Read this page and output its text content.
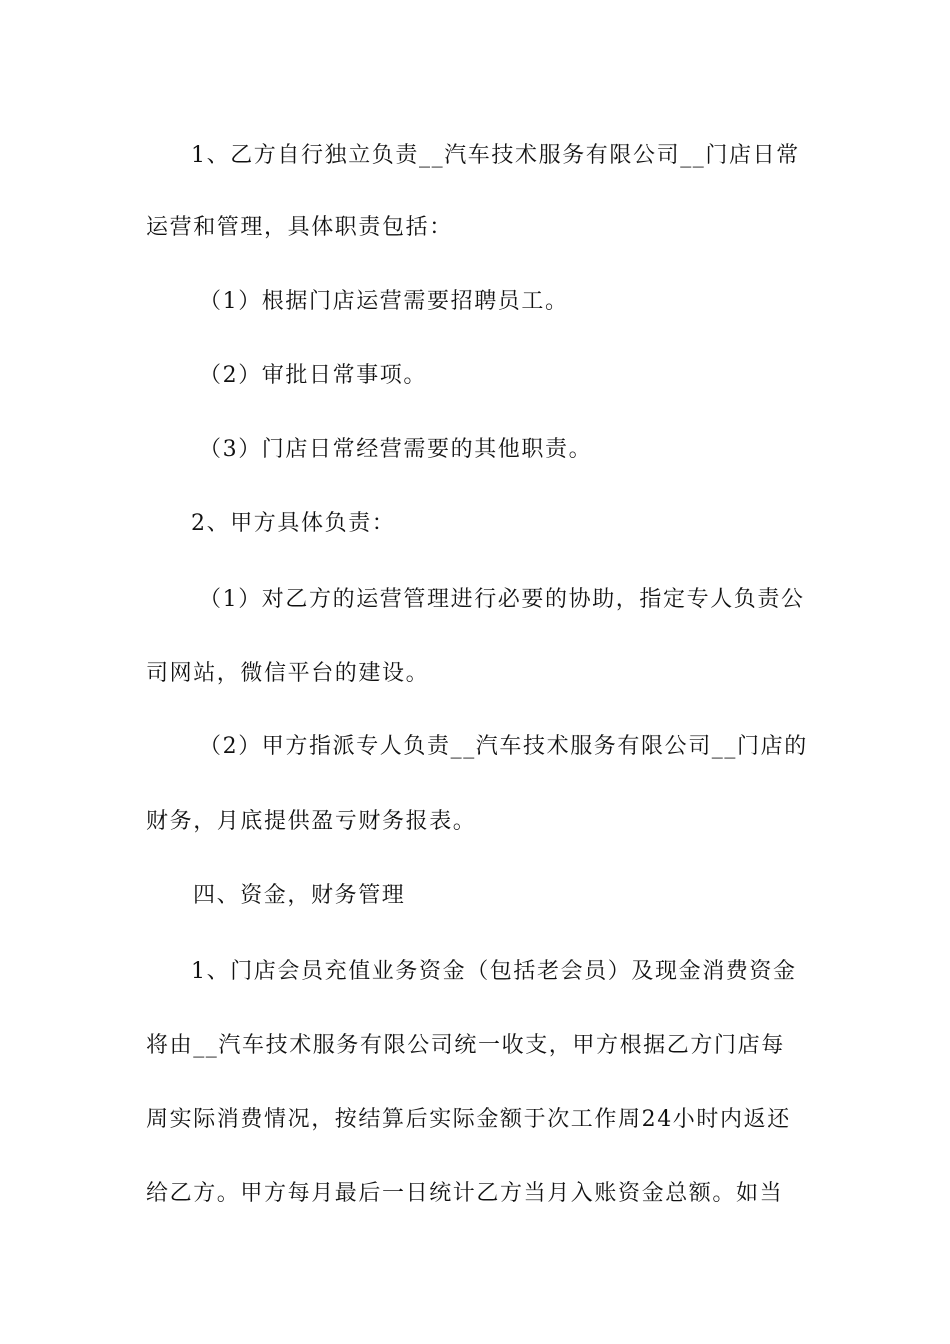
1、乙方自行独立负责__汽车技术服务有限公司__门店日常
运营和管理，具体职责包括：
（1）根据门店运营需要招聘员工。
（2）审批日常事项。
（3）门店日常经营需要的其他职责。
2、甲方具体负责：
（1）对乙方的运营管理进行必要的协助，指定专人负责公
司网站，微信平台的建设。
（2）甲方指派专人负责__汽车技术服务有限公司__门店的
财务，月底提供盈亏财务报表。
四、资金，财务管理
1、门店会员充值业务资金（包括老会员）及现金消费资金
将由__汽车技术服务有限公司统一收支，甲方根据乙方门店每
周实际消费情况，按结算后实际金额于次工作周24小时内返还
给乙方。甲方每月最后一日统计乙方当月入账资金总额。如当
